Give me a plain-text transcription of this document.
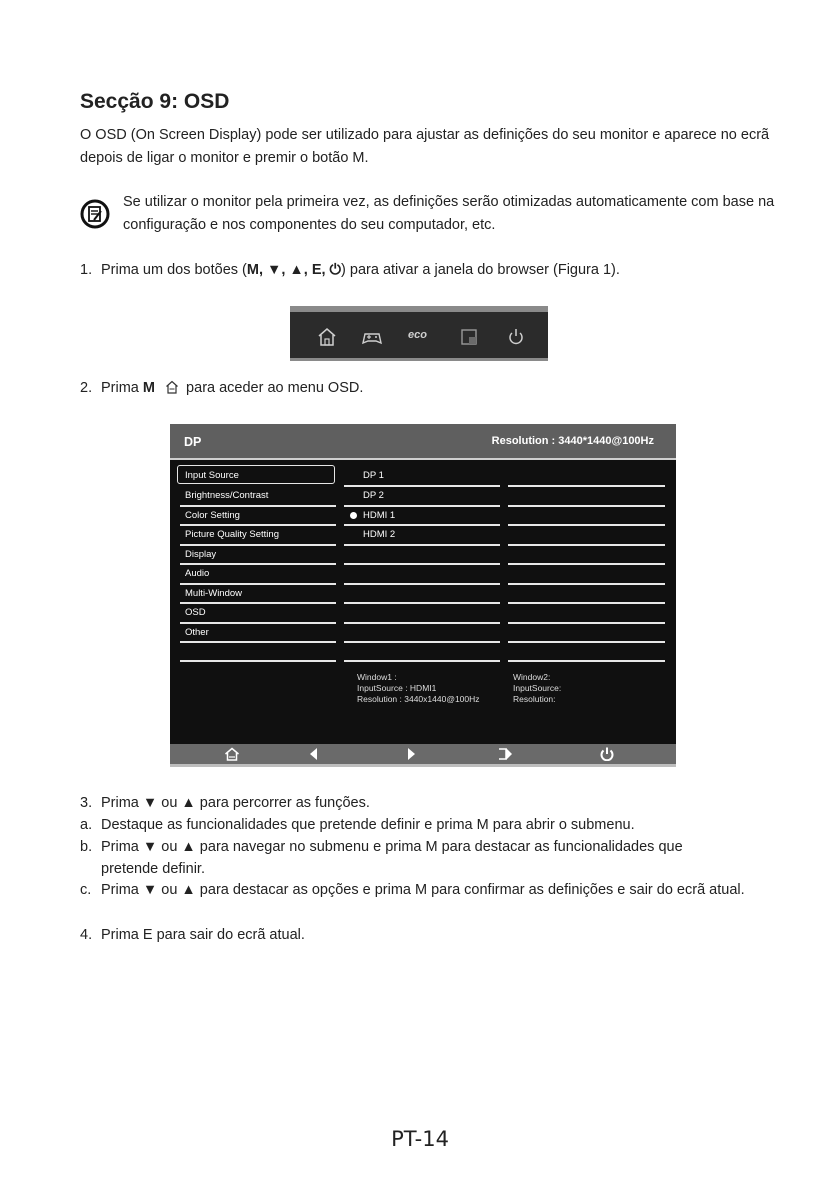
Secção 9: OSD
O OSD (On Screen Display) pode ser utilizado para ajustar as definições do seu monitor e aparece no ecrã depois de ligar o monitor e premir o botão M.
Se utilizar o monitor pela primeira vez, as definições serão otimizadas automaticamente com base na configuração e nos componentes do seu computador, etc.
1. Prima um dos botões (M, ▼, ▲, E, ⏻) para ativar a janela do browser (Figura 1).
eco
2. Prima M  para aceder ao menu OSD.
DP	Resolution : 3440*1440@100Hz
Input Source
Brightness/Contrast
Color Setting
Picture Quality Setting
Display
Audio
Multi-Window
OSD
Other
DP 1
DP 2
HDMI 1
HDMI 2
Window1 :
InputSource : HDMI1
Resolution : 3440x1440@100Hz
Window2:
InputSource:
Resolution:
3. Prima ▼ ou ▲ para percorrer as funções.
a. Destaque as funcionalidades que pretende definir e prima M para abrir o submenu.
b. Prima ▼ ou ▲ para navegar no submenu e prima M para destacar as funcionalidades que pretende definir.
c. Prima ▼ ou ▲ para destacar as opções e prima M para confirmar as definições e sair do ecrã atual.
4. Prima E para sair do ecrã atual.
PT-14
